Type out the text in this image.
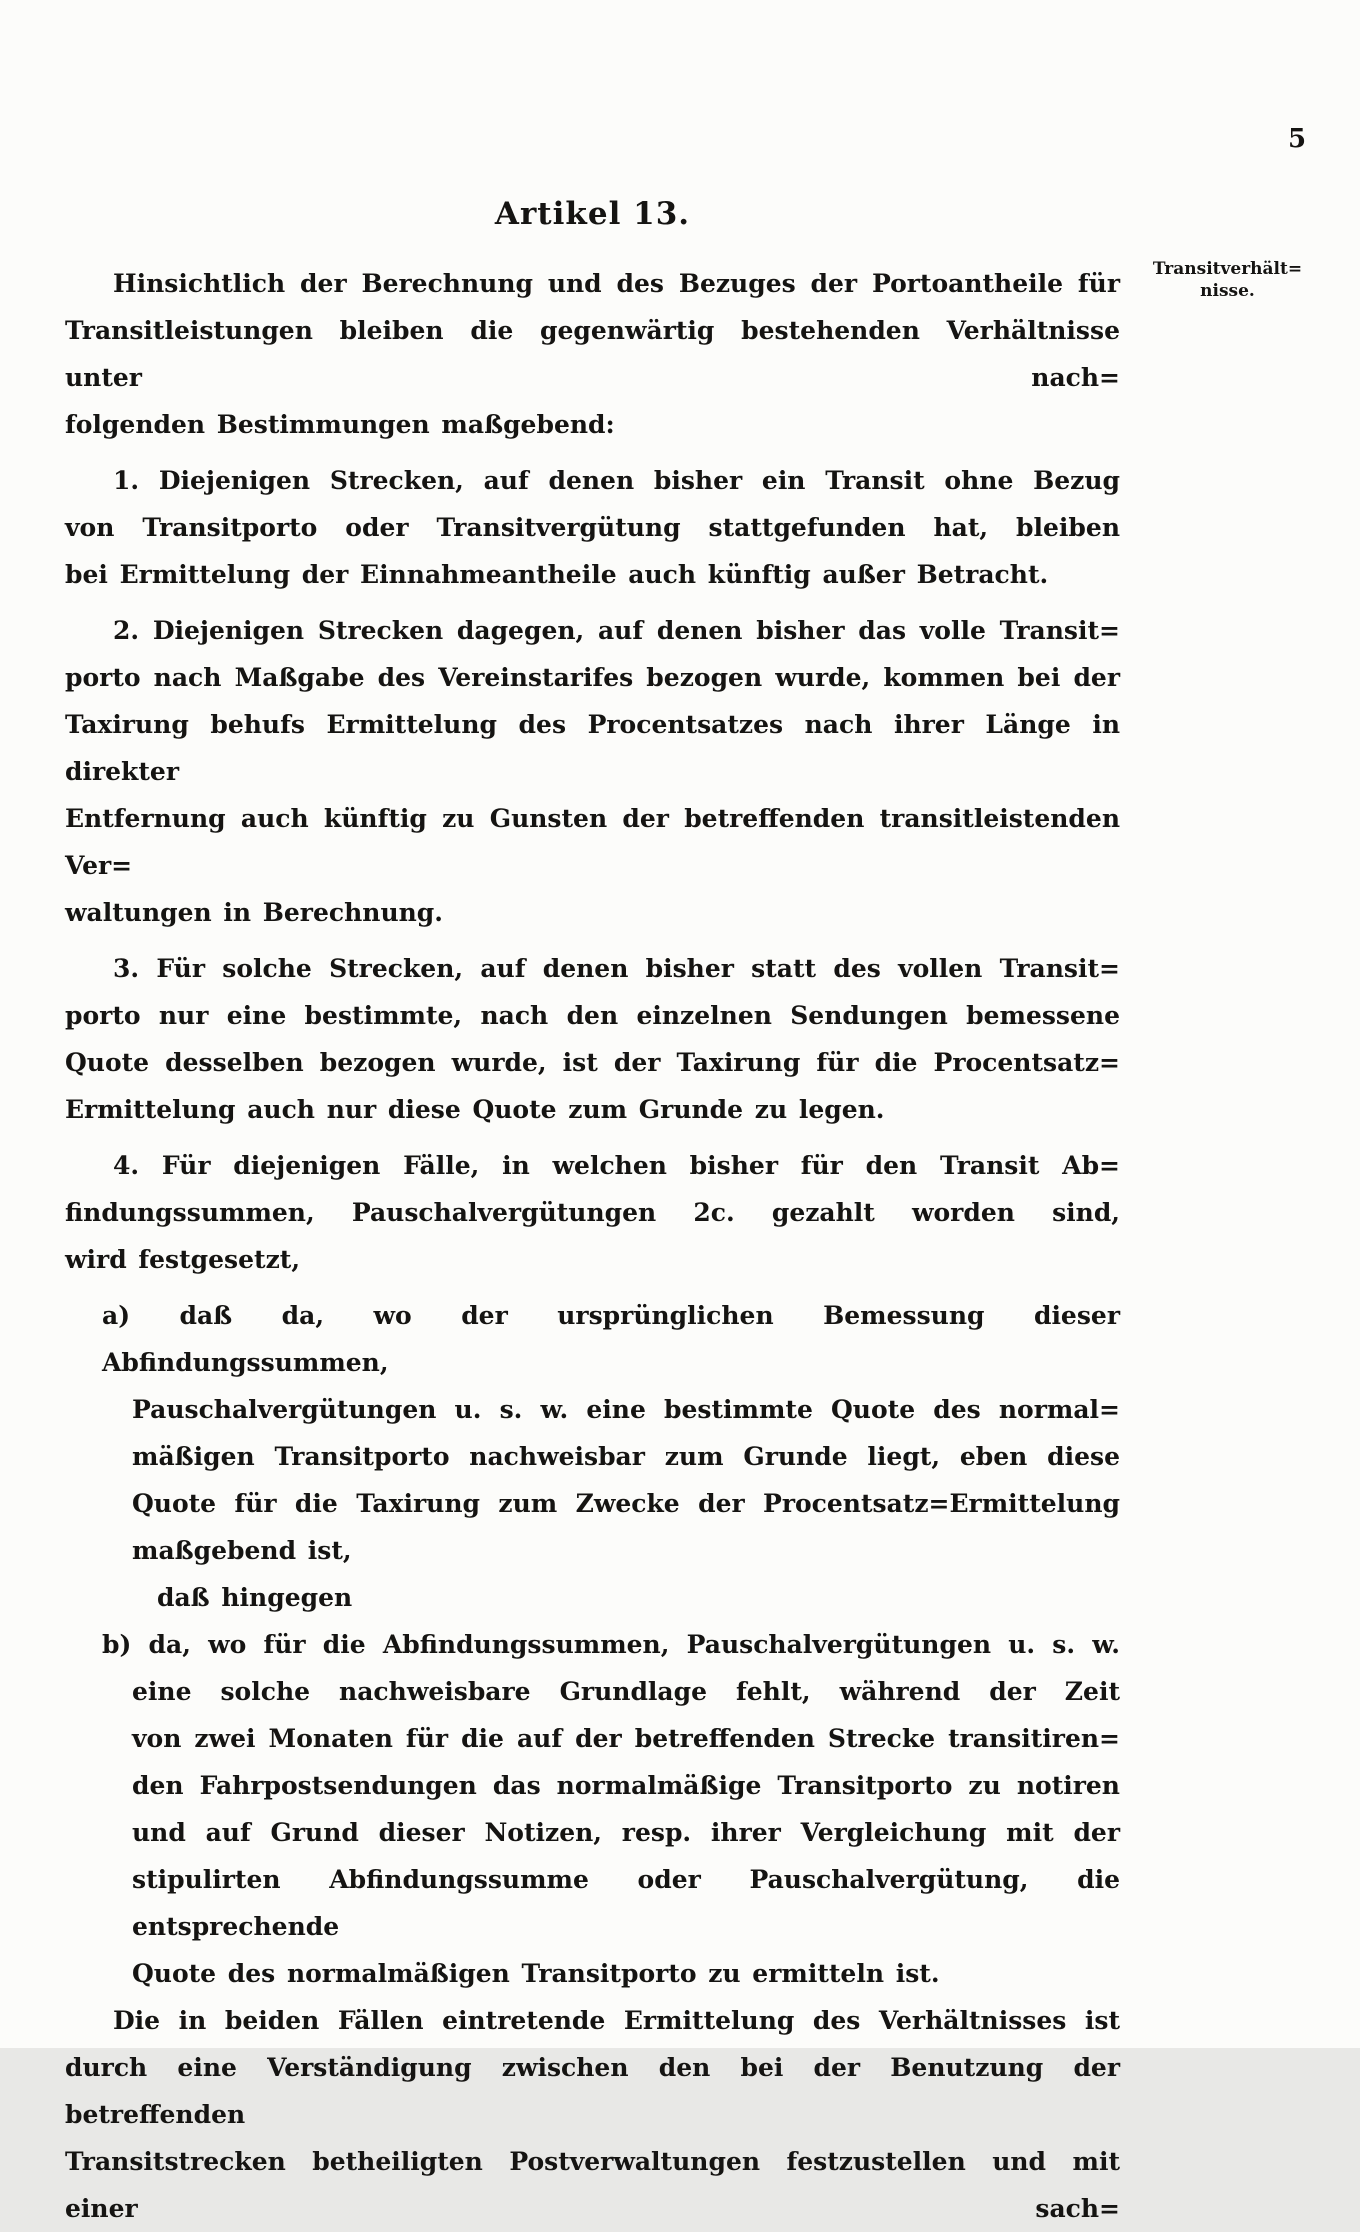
5
Transitverhält=
nisse.
Artikel 13.
Hinsichtlich der Berechnung und des Bezuges der Portoantheile für
Transitleistungen bleiben die gegenwärtig bestehenden Verhältnisse unter nach=
folgenden Bestimmungen maßgebend:
1. Diejenigen Strecken, auf denen bisher ein Transit ohne Bezug
von Transitporto oder Transitvergütung stattgefunden hat, bleiben
bei Ermittelung der Einnahmeantheile auch künftig außer Betracht.
2. Diejenigen Strecken dagegen, auf denen bisher das volle Transit=
porto nach Maßgabe des Vereinstarifes bezogen wurde, kommen bei der
Taxirung behufs Ermittelung des Procentsatzes nach ihrer Länge in direkter
Entfernung auch künftig zu Gunsten der betreffenden transitleistenden Ver=
waltungen in Berechnung.
3. Für solche Strecken, auf denen bisher statt des vollen Transit=
porto nur eine bestimmte, nach den einzelnen Sendungen bemessene
Quote desselben bezogen wurde, ist der Taxirung für die Procentsatz=
Ermittelung auch nur diese Quote zum Grunde zu legen.
4. Für diejenigen Fälle, in welchen bisher für den Transit Ab=
findungssummen, Pauschalvergütungen 2c. gezahlt worden sind,
wird festgesetzt,
a) daß da, wo der ursprünglichen Bemessung dieser Abfindungssummen,
Pauschalvergütungen u. s. w. eine bestimmte Quote des normal=
mäßigen Transitporto nachweisbar zum Grunde liegt, eben diese
Quote für die Taxirung zum Zwecke der Procentsatz=Ermittelung
maßgebend ist,
daß hingegen
b) da, wo für die Abfindungssummen, Pauschalvergütungen u. s. w.
eine solche nachweisbare Grundlage fehlt, während der Zeit
von zwei Monaten für die auf der betreffenden Strecke transitiren=
den Fahrpostsendungen das normalmäßige Transitporto zu notiren
und auf Grund dieser Notizen, resp. ihrer Vergleichung mit der
stipulirten Abfindungssumme oder Pauschalvergütung, die entsprechende
Quote des normalmäßigen Transitporto zu ermitteln ist.
Die in beiden Fällen eintretende Ermittelung des Verhältnisses ist
durch eine Verständigung zwischen den bei der Benutzung der betreffenden
Transitstrecken betheiligten Postverwaltungen festzustellen und mit einer sach=
